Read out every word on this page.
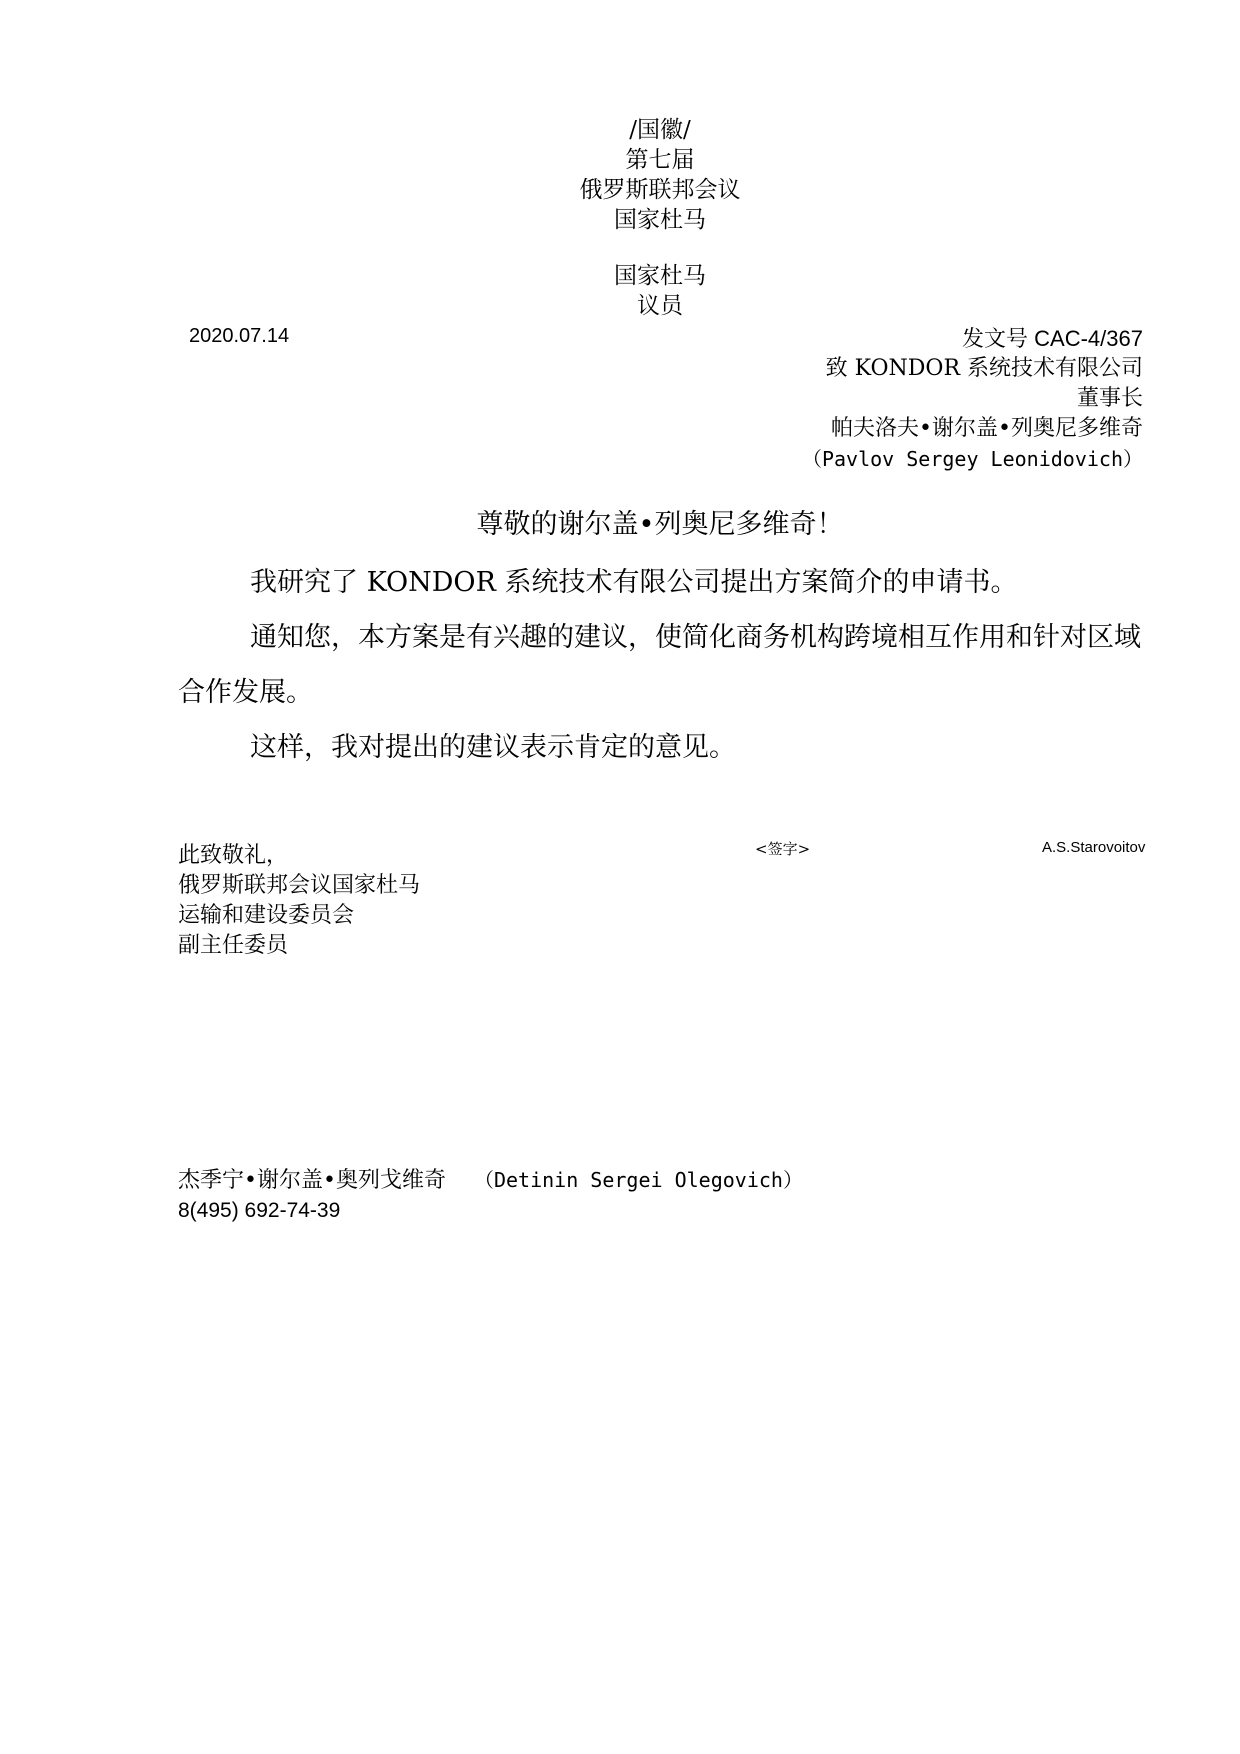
/国徽/
第七届
俄罗斯联邦会议
国家杜马
国家杜马
议员
2020.07.14	发文号 CAC-4/367
致 KONDOR 系统技术有限公司
董事长
帕夫洛夫•谢尔盖•列奥尼多维奇
（Pavlov Sergey Leonidovich）
尊敬的谢尔盖•列奥尼多维奇！

我研究了 KONDOR 系统技术有限公司提出方案简介的申请书。

通知您，本方案是有兴趣的建议，使简化商务机构跨境相互作用和针对区域合作发展。

这样，我对提出的建议表示肯定的意见。

此致敬礼，
俄罗斯联邦会议国家杜马
运输和建设委员会
副主任委员
<签字>	A.S.Starovoitov
杰季宁•谢尔盖•奥列戈维奇 （Detinin Sergei Olegovich）
8(495) 692-74-39
